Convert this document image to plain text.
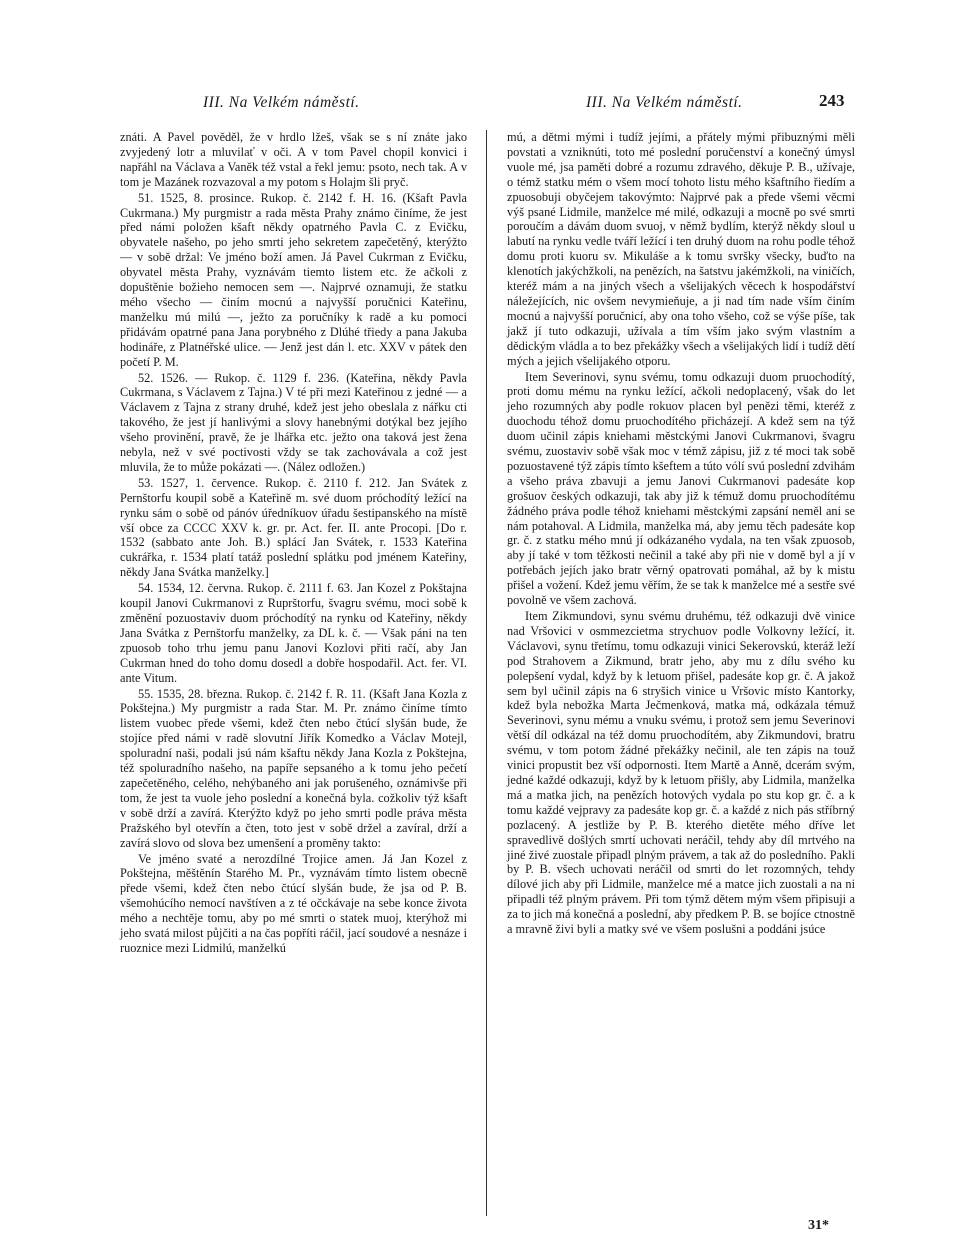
III. Na Velkém náměstí.	III. Na Velkém náměstí.	243

znáti. A Pavel pověděl, že v hrdlo lžeš, však se s ní znáte jako zvyjedený lotr a mluvilať v oči. A v tom Pavel chopil konvici i napřáhl na Václava a Vaněk též vstal a řekl jemu: psoto, nech tak. A v tom je Mazánek rozvazoval a my potom s Holajm šli pryč.

51. 1525, 8. prosince. Rukop. č. 2142 f. H. 16. (Kšaft Pavla Cukrmana.) My purgmistr a rada města Prahy známo činíme, že jest před námi položen kšaft někdy opatrného Pavla C. z Evičku, obyvatele našeho, po jeho smrti jeho sekretem zapečetěný, kterýžto — v sobě držal: Ve jméno boží amen. Já Pavel Cukrman z Evičku, obyvatel města Prahy, vyznávám tiemto listem etc. že ačkoli z dopuštěnie božieho nemocen sem —. Najprvé oznamuji, že statku mého všecho — činím mocnú a najvyšší poručnici Kateřinu, manželku mú milú —, ježto za poručníky k radě a ku pomoci přidávám opatrné pana Jana porybného z Dlúhé třiedy a pana Jakuba hodináře, z Platnéřské ulice. — Jenž jest dán l. etc. XXV v pátek den početí P. M.

52. 1526. — Rukop. č. 1129 f. 236. (Kateřina, někdy Pavla Cukrmana, s Václavem z Tajna.) V té při mezi Kateřinou z jedné — a Václavem z Tajna z strany druhé, kdež jest jeho obeslala z nářku cti takového, že jest jí hanlivými a slovy hanebnými dotýkal bez jejího všeho provinění, pravě, že je lhářka etc. ježto ona taková jest žena nebyla, než v své poctivosti vždy se tak zachovávala a což jest mluvila, že to může pokázati —. (Nález odložen.)

53. 1527, 1. července. Rukop. č. 2110 f. 212. Jan Svátek z Pernštorfu koupil sobě a Kateřině m. své duom próchodítý ležící na rynku sám o sobě od pánóv úředníkuov úřadu šestipanského na místě vší obce za CCCC XXV k. gr. pr. Act. fer. II. ante Procopi. [Do r. 1532 (sabbato ante Joh. B.) splácí Jan Svátek, r. 1533 Kateřina cukrářka, r. 1534 platí tatáž poslední splátku pod jménem Kateřiny, někdy Jana Svátka manželky.]

54. 1534, 12. června. Rukop. č. 2111 f. 63. Jan Kozel z Pokštajna koupil Janovi Cukrmanovi z Ruprštorfu, švagru svému, moci sobě k změnění pozuostaviv duom próchodítý na rynku od Kateřiny, někdy Jana Svátka z Pernštorfu manželky, za DL k. č. — Však páni na ten zpuosob toho trhu jemu panu Janovi Kozlovi přiti račí, aby Jan Cukrman hned do toho domu dosedl a dobře hospodařil. Act. fer. VI. ante Vitum.

55. 1535, 28. března. Rukop. č. 2142 f. R. 11. (Kšaft Jana Kozla z Pokštejna.) My purgmistr a rada Star. M. Pr. známo činíme tímto listem vuobec přede všemi, kdež čten nebo čtúcí slyšán bude, že stojíce před námi v radě slovutní Jiřík Komedko a Václav Motejl, spoluradní naši, podali jsú nám kšaftu někdy Jana Kozla z Pokštejna, též spoluradního našeho, na papíře sepsaného a k tomu jeho pečetí zapečetěného, celého, nehýbaného ani jak porušeného, oznámivše při tom, že jest ta vuole jeho poslední a konečná byla. cožkoliv týž kšaft v sobě drží a zavírá. Kterýžto když po jeho smrti podle práva města Pražského byl otevřín a čten, toto jest v sobě držel a zavíral, drží a zavírá slovo od slova bez umenšení a proměny takto:

Ve jméno svaté a nerozdílné Trojice amen. Já Jan Kozel z Pokštejna, měštěnín Starého M. Pr., vyznávám tímto listem obecně přede všemi, kdež čten nebo čtúcí slyšán bude, že jsa od P. B. všemohúcího nemocí navštíven a z té očckávaje na sebe konce života mého a nechtěje tomu, aby po mé smrti o statek muoj, kterýhož mi jeho svatá milost půjčiti a na čas popříti ráčil, jací soudové a nesnáze i ruoznice mezi Lidmilú, manželkú

mú, a dětmi mými i tudíž jejími, a přátely mými přibuznými měli povstati a vzniknúti, toto mé poslední poručenství a konečný úmysl vuole mé, jsa paměti dobré a rozumu zdravého, děkuje P. B., užívaje, o témž statku mém o všem mocí tohoto listu mého kšaftního řiedím a zpuosobuji obyčejem takovýmto: Najprvé pak a přede všemi věcmi výš psané Lidmile, manželce mé milé, odkazuji a mocně po své smrti poroučím a dávám duom svuoj, v němž bydlím, kterýž někdy sloul u labutí na rynku vedle tváří ležící i ten druhý duom na rohu podle téhož domu proti kuoru sv. Mikuláše a k tomu svršky všecky, buďto na klenotích jakýchžkoli, na penězích, na šatstvu jakémžkoli, na viničích, kteréž mám a na jiných všech a všelijakých věcech k hospodářství náležejících, nic ovšem nevymieňuje, a ji nad tím nade vším činím mocnú a najvyšší poručnicí, aby ona toho všeho, což se výše píše, tak jakž jí tuto odkazuji, užívala a tím vším jako svým vlastním a dědickým vládla a to bez překážky všech a všelijakých lidí i tudíž dětí mých a jejich všelijakého otporu.

Item Severinovi, synu svému, tomu odkazuji duom pruochodítý, proti domu mému na rynku ležící, ačkoli nedoplacený, však do let jeho rozumných aby podle rokuov placen byl penězi těmi, kteréž z duochodu téhož domu pruochodítého přicházejí. A kdež sem na týž duom učinil zápis kniehami městckými Janovi Cukrmanovi, švagru svému, zuostaviv sobě však moc v témž zápisu, již z té moci tak sobě pozuostavené týž zápis tímto kšeftem a túto vólí svú poslední zdvihám a všeho práva zbavuji a jemu Janovi Cukrmanovi padesáte kop grošuov českých odkazuji, tak aby již k témuž domu pruochodítému žádného práva podle téhož kniehami městckými zapsání neměl ani se nám potahoval. A Lidmila, manželka má, aby jemu těch padesáte kop gr. č. z statku mého mnú jí odkázaného vydala, na ten však zpuosob, aby jí také v tom těžkosti nečinil a také aby při nie v domě byl a jí v potřebách jejích jako bratr věrný opatrovati pomáhal, až by k mistu přišel a vožení. Kdež jemu věřím, že se tak k manželce mé a sestře své povolně ve všem zachová.

Item Zikmundovi, synu svému druhému, též odkazuji dvě vinice nad Vršovici v osmmezcietma strychuov podle Volkovny ležící, it. Václavovi, synu třetímu, tomu odkazuji vinici Sekerovskú, kteráž leží pod Strahovem a Zikmund, bratr jeho, aby mu z dílu svého ku polepšení vydal, když by k letuom přišel, padesáte kop gr. č. A jakož sem byl učinil zápis na 6 stryšich vinice u Vršovic místo Kantorky, kdež byla nebožka Marta Ječmenková, matka má, odkázala témuž Severinovi, synu mému a vnuku svému, i protož sem jemu Severinovi větší díl odkázal na též domu pruochodítém, aby Zikmundovi, bratru svému, v tom potom žádné překážky nečinil, ale ten zápis na touž vinici propustit bez vší odpornosti. Item Martě a Anně, dcerám svým, jedné každé odkazuji, když by k letuom přišly, aby Lidmila, manželka má a matka jich, na penězích hotových vydala po stu kop gr. č. a k tomu každé vejpravy za padesáte kop gr. č. a každé z nich pás stříbrný pozlacený. A jestliže by P. B. kterého dietěte mého dříve let spravedlivě došlých smrtí uchovati neráčil, tehdy aby díl mrtvého na jiné živé zuostale připadl plným právem, a tak až do posledního. Pakli by P. B. všech uchovati neráčil od smrti do let rozomných, tehdy dílové jich aby při Lidmile, manželce mé a matce jich zuostali a na ni připadli též plným právem. Při tom týmž dětem mým všem připisuji a za to jich má konečná a poslední, aby předkem P. B. se bojíce ctnostně a mravně živi byli a matky své ve všem poslušni a poddáni jsúce

31*
